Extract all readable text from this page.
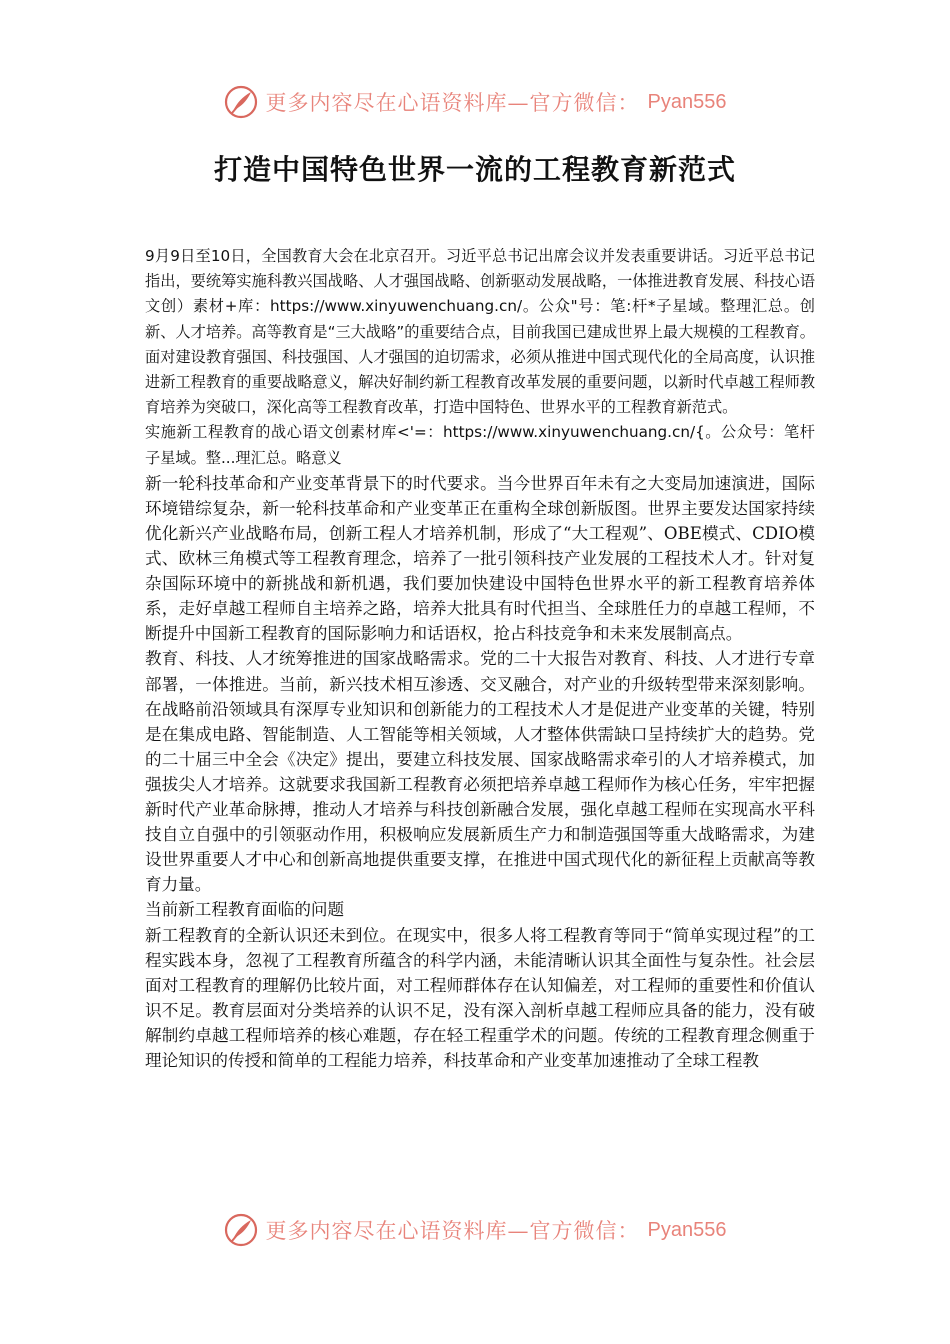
更多内容尽在心语资料库—官方微信： Pyan556
打造中国特色世界一流的工程教育新范式

9月9日至10日，全国教育大会在北京召开。习近平总书记出席会议并发表重要讲话。习近平总书记指出，要统筹实施科教兴国战略、人才强国战略、创新驱动发展战略，一体推进教育发展、科技心语文创）素材+库：https://www.xinyuwenchuang.cn/。公众"号：笔:杆*子星域。整理汇总。创新、人才培养。高等教育是“三大战略”的重要结合点，目前我国已建成世界上最大规模的工程教育。面对建设教育强国、科技强国、人才强国的迫切需求，必须从推进中国式现代化的全局高度，认识推进新工程教育的重要战略意义，解决好制约新工程教育改革发展的重要问题，以新时代卓越工程师教育培养为突破口，深化高等工程教育改革，打造中国特色、世界水平的工程教育新范式。

实施新工程教育的战心语文创素材库<'=：https://www.xinyuwenchuang.cn/{。公众号：笔杆子星域。整...理汇总。略意义

新一轮科技革命和产业变革背景下的时代要求。当今世界百年未有之大变局加速演进，国际环境错综复杂，新一轮科技革命和产业变革正在重构全球创新版图。世界主要发达国家持续优化新兴产业战略布局，创新工程人才培养机制，形成了“大工程观”、OBE模式、CDIO模式、欧林三角模式等工程教育理念，培养了一批引领科技产业发展的工程技术人才。针对复杂国际环境中的新挑战和新机遇，我们要加快建设中国特色世界水平的新工程教育培养体系，走好卓越工程师自主培养之路，培养大批具有时代担当、全球胜任力的卓越工程师，不断提升中国新工程教育的国际影响力和话语权，抢占科技竞争和未来发展制高点。

教育、科技、人才统筹推进的国家战略需求。党的二十大报告对教育、科技、人才进行专章部署，一体推进。当前，新兴技术相互渗透、交叉融合，对产业的升级转型带来深刻影响。在战略前沿领域具有深厚专业知识和创新能力的工程技术人才是促进产业变革的关键，特别是在集成电路、智能制造、人工智能等相关领域，人才整体供需缺口呈持续扩大的趋势。党的二十届三中全会《决定》提出，要建立科技发展、国家战略需求牵引的人才培养模式，加强拔尖人才培养。这就要求我国新工程教育必须把培养卓越工程师作为核心任务，牢牢把握新时代产业革命脉搏，推动人才培养与科技创新融合发展，强化卓越工程师在实现高水平科技自立自强中的引领驱动作用，积极响应发展新质生产力和制造强国等重大战略需求，为建设世界重要人才中心和创新高地提供重要支撑，在推进中国式现代化的新征程上贡献高等教育力量。

当前新工程教育面临的问题

新工程教育的全新认识还未到位。在现实中，很多人将工程教育等同于“简单实现过程”的工程实践本身，忽视了工程教育所蕴含的科学内涵，未能清晰认识其全面性与复杂性。社会层面对工程教育的理解仍比较片面，对工程师群体存在认知偏差，对工程师的重要性和价值认识不足。教育层面对分类培养的认识不足，没有深入剖析卓越工程师应具备的能力，没有破解制约卓越工程师培养的核心难题，存在轻工程重学术的问题。传统的工程教育理念侧重于理论知识的传授和简单的工程能力培养，科技革命和产业变革加速推动了全球工程教

更多内容尽在心语资料库—官方微信： Pyan556
